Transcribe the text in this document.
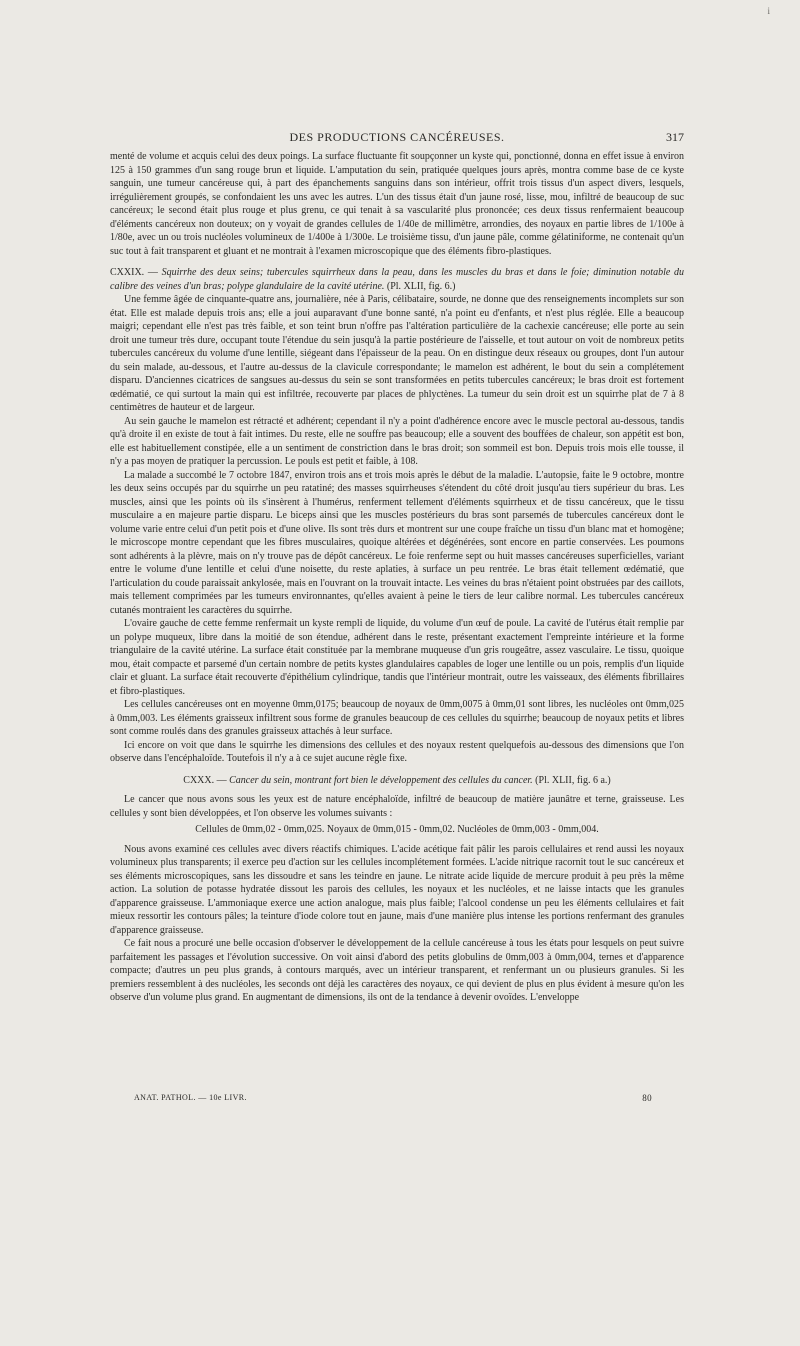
i
DES PRODUCTIONS CANCÉREUSES.	317

menté de volume et acquis celui des deux poings. La surface fluctuante fit soupçonner un kyste qui, ponctionné, donna en effet issue à environ 125 à 150 grammes d'un sang rouge brun et liquide. L'amputation du sein, pratiquée quelques jours après, montra comme base de ce kyste sanguin, une tumeur cancéreuse qui, à part des épanchements sanguins dans son intérieur, offrit trois tissus d'un aspect divers, lesquels, irrégulièrement groupés, se confondaient les uns avec les autres. L'un des tissus était d'un jaune rosé, lisse, mou, infiltré de beaucoup de suc cancéreux; le second était plus rouge et plus grenu, ce qui tenait à sa vascularité plus prononcée; ces deux tissus renfermaient beaucoup d'éléments cancéreux non douteux; on y voyait de grandes cellules de 1/40e de millimètre, arrondies, des noyaux en partie libres de 1/100e à 1/80e, avec un ou trois nucléoles volumineux de 1/400e à 1/300e. Le troisième tissu, d'un jaune pâle, comme gélatiniforme, ne contenait qu'un suc tout à fait transparent et gluant et ne montrait à l'examen microscopique que des éléments fibro-plastiques.

CXXIX. — Squirrhe des deux seins; tubercules squirrheux dans la peau, dans les muscles du bras et dans le foie; diminution notable du calibre des veines d'un bras; polype glandulaire de la cavité utérine. (Pl. XLII, fig. 6.)

Une femme âgée de cinquante-quatre ans, journalière, née à Paris, célibataire, sourde, ne donne que des renseignements incomplets sur son état. Elle est malade depuis trois ans; elle a joui auparavant d'une bonne santé, n'a point eu d'enfants, et n'est plus réglée. Elle a beaucoup maigri; cependant elle n'est pas très faible, et son teint brun n'offre pas l'altération particulière de la cachexie cancéreuse; elle porte au sein droit une tumeur très dure, occupant toute l'étendue du sein jusqu'à la partie postérieure de l'aisselle, et tout autour on voit de nombreux petits tubercules cancéreux du volume d'une lentille, siégeant dans l'épaisseur de la peau. On en distingue deux réseaux ou groupes, dont l'un autour du sein malade, au-dessous, et l'autre au-dessus de la clavicule correspondante; le mamelon est adhérent, le bout du sein a complétement disparu. D'anciennes cicatrices de sangsues au-dessus du sein se sont transformées en petits tubercules cancéreux; le bras droit est fortement œdématié, ce qui surtout la main qui est infiltrée, recouverte par places de phlyctènes. La tumeur du sein droit est un squirrhe plat de 7 à 8 centimètres de hauteur et de largeur.

Au sein gauche le mamelon est rétracté et adhérent; cependant il n'y a point d'adhérence encore avec le muscle pectoral au-dessous, tandis qu'à droite il en existe de tout à fait intimes. Du reste, elle ne souffre pas beaucoup; elle a souvent des bouffées de chaleur, son appétit est bon, elle est habituellement constipée, elle a un sentiment de constriction dans le bras droit; son sommeil est bon. Depuis trois mois elle tousse, il n'y a pas moyen de pratiquer la percussion. Le pouls est petit et faible, à 108.

La malade a succombé le 7 octobre 1847, environ trois ans et trois mois après le début de la maladie. L'autopsie, faite le 9 octobre, montre les deux seins occupés par du squirrhe un peu ratatiné; des masses squirrheuses s'étendent du côté droit jusqu'au tiers supérieur du bras. Les muscles, ainsi que les points où ils s'insèrent à l'humérus, renferment tellement d'éléments squirrheux et de tissu cancéreux, que le tissu musculaire a en majeure partie disparu. Le biceps ainsi que les muscles postérieurs du bras sont parsemés de tubercules cancéreux dont le volume varie entre celui d'un petit pois et d'une olive. Ils sont très durs et montrent sur une coupe fraîche un tissu d'un blanc mat et homogène; le microscope montre cependant que les fibres musculaires, quoique altérées et dégénérées, sont encore en partie conservées. Les poumons sont adhérents à la plèvre, mais on n'y trouve pas de dépôt cancéreux. Le foie renferme sept ou huit masses cancéreuses superficielles, variant entre le volume d'une lentille et celui d'une noisette, du reste aplaties, à surface un peu rentrée. Le bras était tellement œdématié, que l'articulation du coude paraissait ankylosée, mais en l'ouvrant on la trouvait intacte. Les veines du bras n'étaient point obstruées par des caillots, mais tellement comprimées par les tumeurs environnantes, qu'elles avaient à peine le tiers de leur calibre normal. Les tubercules cancéreux cutanés montraient les caractères du squirrhe.

L'ovaire gauche de cette femme renfermait un kyste rempli de liquide, du volume d'un œuf de poule. La cavité de l'utérus était remplie par un polype muqueux, libre dans la moitié de son étendue, adhérent dans le reste, présentant exactement l'empreinte intérieure et la forme triangulaire de la cavité utérine. La surface était constituée par la membrane muqueuse d'un gris rougeâtre, assez vasculaire. Le tissu, quoique mou, était compacte et parsemé d'un certain nombre de petits kystes glandulaires capables de loger une lentille ou un pois, remplis d'un liquide clair et gluant. La surface était recouverte d'épithélium cylindrique, tandis que l'intérieur montrait, outre les vaisseaux, des éléments fibrillaires et fibro-plastiques.

Les cellules cancéreuses ont en moyenne 0mm,0175; beaucoup de noyaux de 0mm,0075 à 0mm,01 sont libres, les nucléoles ont 0mm,025 à 0mm,003. Les éléments graisseux infiltrent sous forme de granules beaucoup de ces cellules du squirrhe; beaucoup de noyaux petits et libres sont comme roulés dans des granules graisseux attachés à leur surface.

Ici encore on voit que dans le squirrhe les dimensions des cellules et des noyaux restent quelquefois au-dessous des dimensions que l'on observe dans l'encéphaloïde. Toutefois il n'y a à ce sujet aucune règle fixe.

CXXX. — Cancer du sein, montrant fort bien le développement des cellules du cancer. (Pl. XLII, fig. 6 a.)

Le cancer que nous avons sous les yeux est de nature encéphaloïde, infiltré de beaucoup de matière jaunâtre et terne, graisseuse. Les cellules y sont bien développées, et l'on observe les volumes suivants :

Cellules de 0mm,02 - 0mm,025. Noyaux de 0mm,015 - 0mm,02. Nucléoles de 0mm,003 - 0mm,004.

Nous avons examiné ces cellules avec divers réactifs chimiques. L'acide acétique fait pâlir les parois cellulaires et rend aussi les noyaux volumineux plus transparents; il exerce peu d'action sur les cellules incomplétement formées. L'acide nitrique racornit tout le suc cancéreux et ses éléments microscopiques, sans les dissoudre et sans les teindre en jaune. Le nitrate acide liquide de mercure produit à peu près la même action. La solution de potasse hydratée dissout les parois des cellules, les noyaux et les nucléoles, et ne laisse intacts que les granules d'apparence graisseuse. L'ammoniaque exerce une action analogue, mais plus faible; l'alcool condense un peu les éléments cellulaires et fait mieux ressortir les contours pâles; la teinture d'iode colore tout en jaune, mais d'une manière plus intense les portions renfermant des granules d'apparence graisseuse.

Ce fait nous a procuré une belle occasion d'observer le développement de la cellule cancéreuse à tous les états pour lesquels on peut suivre parfaitement les passages et l'évolution successive. On voit ainsi d'abord des petits globulins de 0mm,003 à 0mm,004, ternes et d'apparence compacte; d'autres un peu plus grands, à contours marqués, avec un intérieur transparent, et renfermant un ou plusieurs granules. Si les premiers ressemblent à des nucléoles, les seconds ont déjà les caractères des noyaux, ce qui devient de plus en plus évident à mesure qu'on les observe d'un volume plus grand. En augmentant de dimensions, ils ont de la tendance à devenir ovoïdes. L'enveloppe

ANAT. PATHOL. — 10e LIVR.	80
